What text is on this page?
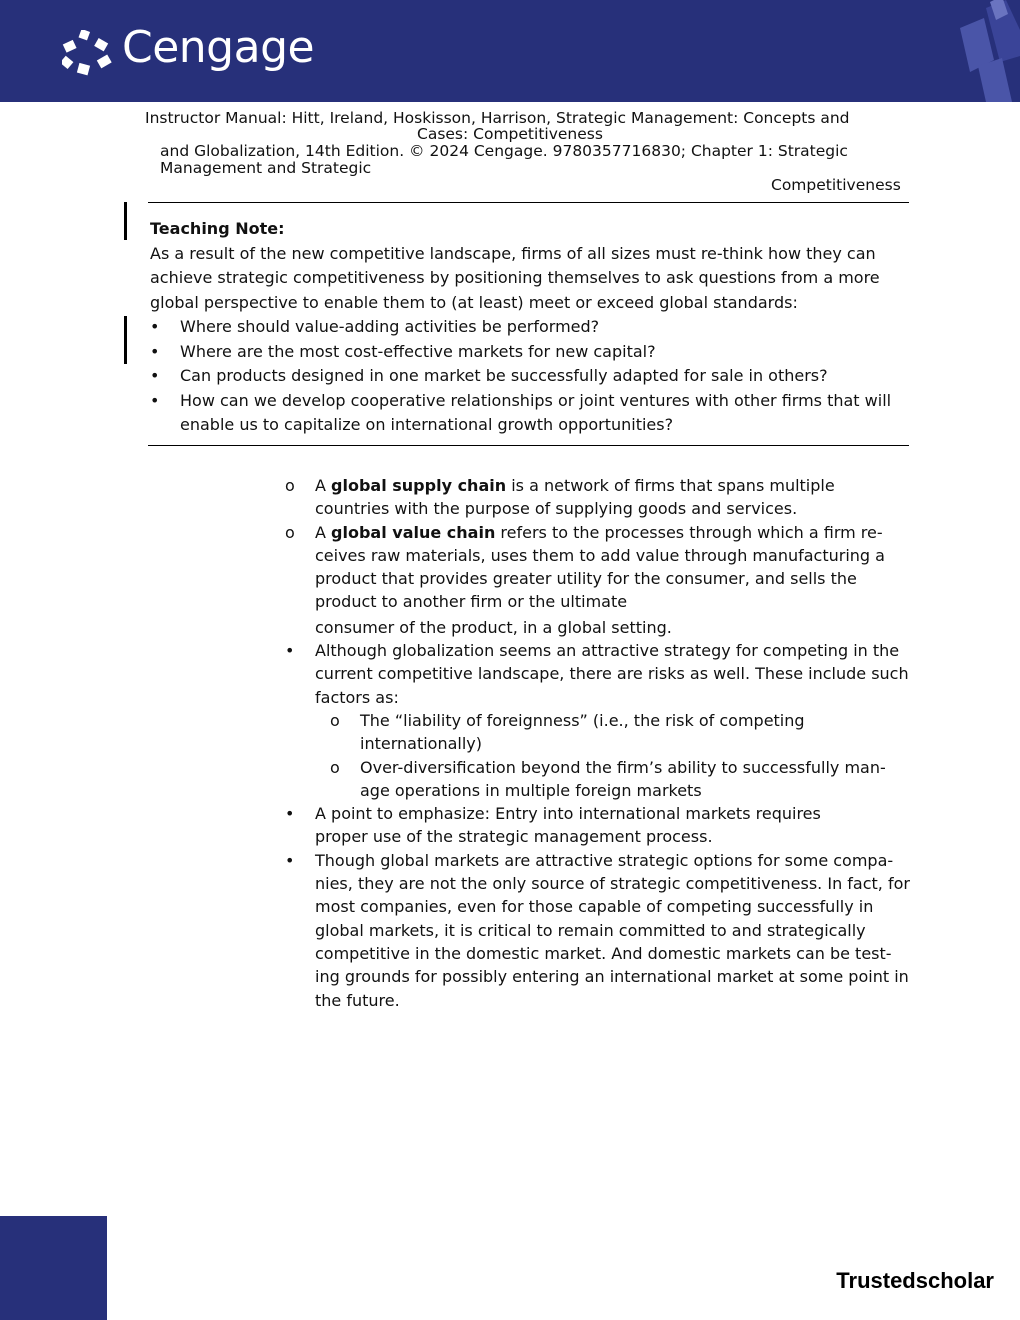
Cengage
Instructor Manual: Hitt, Ireland, Hoskisson, Harrison, Strategic Management: Concepts and
Cases: Competitiveness
and Globalization, 14th Edition. © 2024 Cengage. 9780357716830; Chapter 1: Strategic
Management and Strategic
Competitiveness
Teaching Note:
As a result of the new competitive landscape, firms of all sizes must re-think how they can achieve strategic competitiveness by positioning themselves to ask questions from a more global perspective to enable them to (at least) meet or exceed global standards:
• Where should value-adding activities be performed?
• Where are the most cost-effective markets for new capital?
• Can products designed in one market be successfully adapted for sale in others?
• How can we develop cooperative relationships or joint ventures with other firms that will enable us to capitalize on international growth opportunities?
o A global supply chain is a network of firms that spans multiple countries with the purpose of supplying goods and services.
o A global value chain refers to the processes through which a firm re-ceives raw materials, uses them to add value through manufacturing a product that provides greater utility for the consumer, and sells the product to another firm or the ultimate
consumer of the product, in a global setting.
• Although globalization seems an attractive strategy for competing in the current competitive landscape, there are risks as well. These include such factors as:
o The “liability of foreignness” (i.e., the risk of competing internationally)
o Over-diversification beyond the firm’s ability to successfully man-age operations in multiple foreign markets
• A point to emphasize: Entry into international markets requires
proper use of the strategic management process.
• Though global markets are attractive strategic options for some compa-nies, they are not the only source of strategic competitiveness. In fact, for most companies, even for those capable of competing successfully in global markets, it is critical to remain committed to and strategically competitive in the domestic market. And domestic markets can be test-ing grounds for possibly entering an international market at some point in the future.
Trustedscholar
